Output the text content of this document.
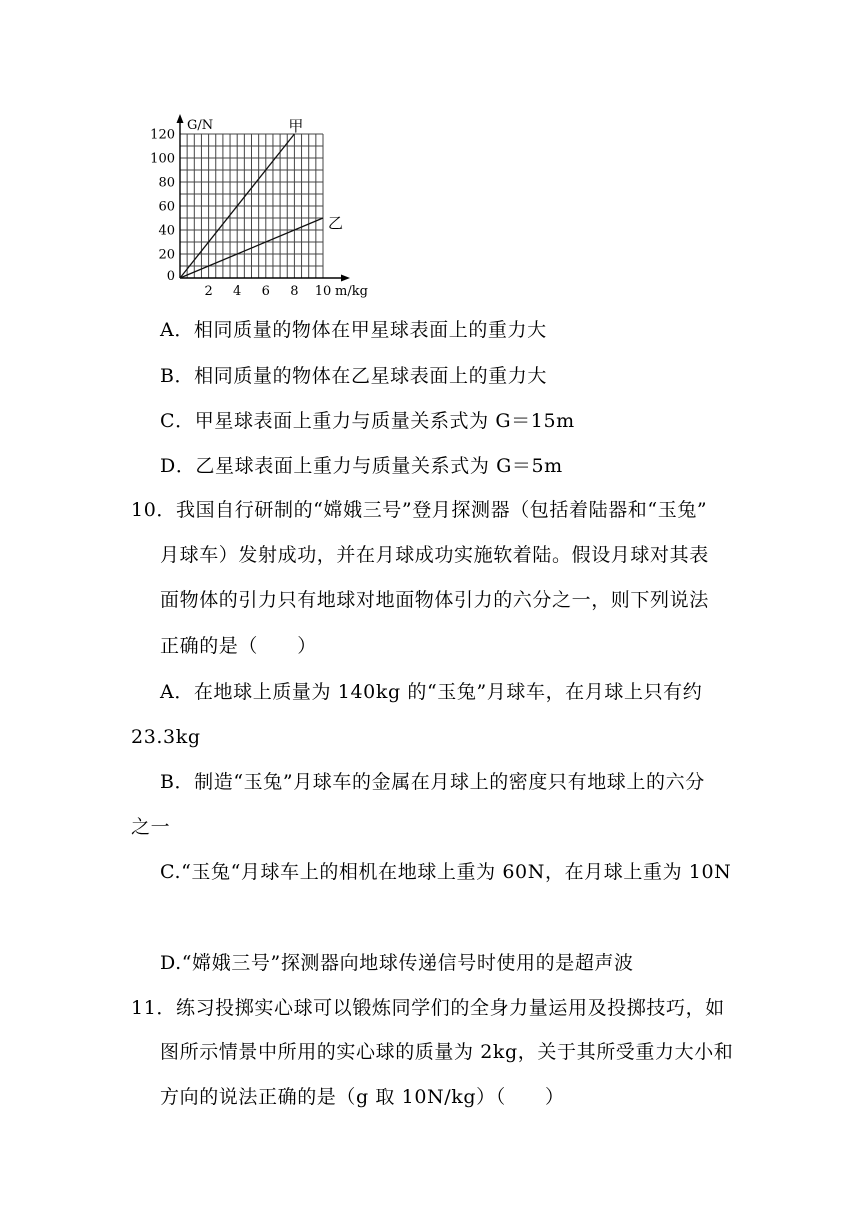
0
20
40
60
80
100
120
2 4 6 8 10
G/N
m/kg
甲
乙
A．相同质量的物体在甲星球表面上的重力大
B．相同质量的物体在乙星球表面上的重力大
C．甲星球表面上重力与质量关系式为 G＝15m
D．乙星球表面上重力与质量关系式为 G＝5m
10．我国自行研制的“嫦娥三号”登月探测器（包括着陆器和“玉兔”
月球车）发射成功，并在月球成功实施软着陆。假设月球对其表
面物体的引力只有地球对地面物体引力的六分之一，则下列说法
正确的是（　　）
A．在地球上质量为 140kg 的“玉兔”月球车，在月球上只有约
23.3kg
B．制造“玉兔”月球车的金属在月球上的密度只有地球上的六分
之一
C.“玉兔“月球车上的相机在地球上重为 60N，在月球上重为 10N
D.“嫦娥三号”探测器向地球传递信号时使用的是超声波
11．练习投掷实心球可以锻炼同学们的全身力量运用及投掷技巧，如
图所示情景中所用的实心球的质量为 2kg，关于其所受重力大小和
方向的说法正确的是（g 取 10N/kg）（　　）
